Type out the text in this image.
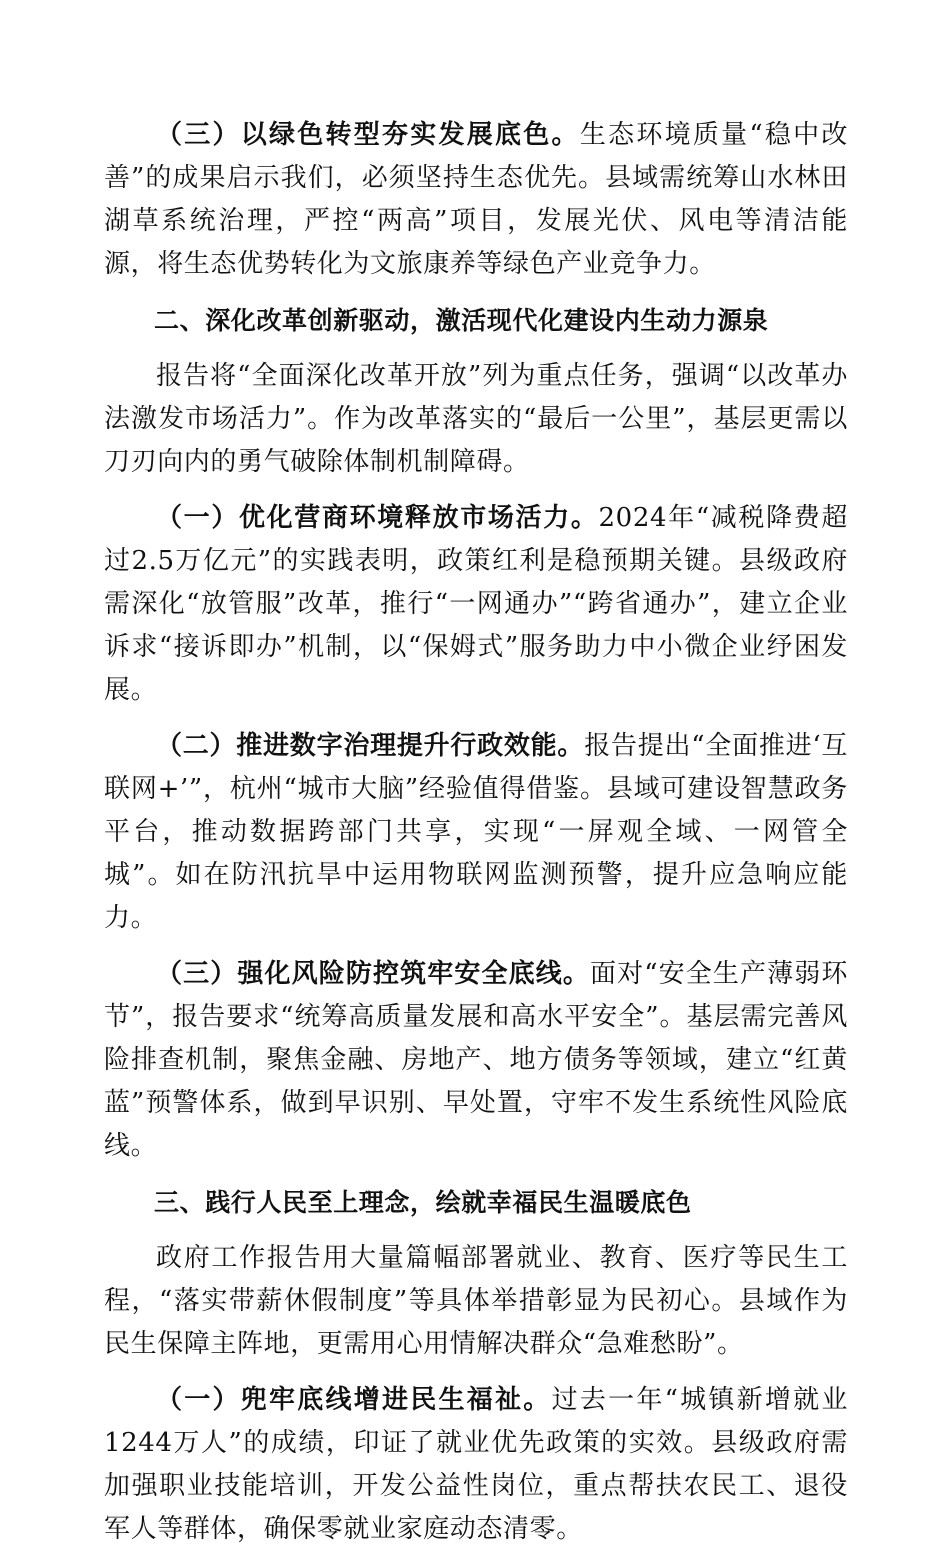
（三）以绿色转型夯实发展底色。生态环境质量“稳中改善”的成果启示我们，必须坚持生态优先。县域需统筹山水林田湖草系统治理，严控“两高”项目，发展光伏、风电等清洁能源，将生态优势转化为文旅康养等绿色产业竞争力。

二、深化改革创新驱动，激活现代化建设内生动力源泉

报告将“全面深化改革开放”列为重点任务，强调“以改革办法激发市场活力”。作为改革落实的“最后一公里”，基层更需以刀刃向内的勇气破除体制机制障碍。

（一）优化营商环境释放市场活力。2024年“减税降费超过2.5万亿元”的实践表明，政策红利是稳预期关键。县级政府需深化“放管服”改革，推行“一网通办”“跨省通办”，建立企业诉求“接诉即办”机制，以“保姆式”服务助力中小微企业纾困发展。

（二）推进数字治理提升行政效能。报告提出“全面推进‘互联网+’”，杭州“城市大脑”经验值得借鉴。县域可建设智慧政务平台，推动数据跨部门共享，实现“一屏观全域、一网管全城”。如在防汛抗旱中运用物联网监测预警，提升应急响应能力。

（三）强化风险防控筑牢安全底线。面对“安全生产薄弱环节”，报告要求“统筹高质量发展和高水平安全”。基层需完善风险排查机制，聚焦金融、房地产、地方债务等领域，建立“红黄蓝”预警体系，做到早识别、早处置，守牢不发生系统性风险底线。

三、践行人民至上理念，绘就幸福民生温暖底色

政府工作报告用大量篇幅部署就业、教育、医疗等民生工程，“落实带薪休假制度”等具体举措彰显为民初心。县域作为民生保障主阵地，更需用心用情解决群众“急难愁盼”。

（一）兜牢底线增进民生福祉。过去一年“城镇新增就业1244万人”的成绩，印证了就业优先政策的实效。县级政府需加强职业技能培训，开发公益性岗位，重点帮扶农民工、退役军人等群体，确保零就业家庭动态清零。
